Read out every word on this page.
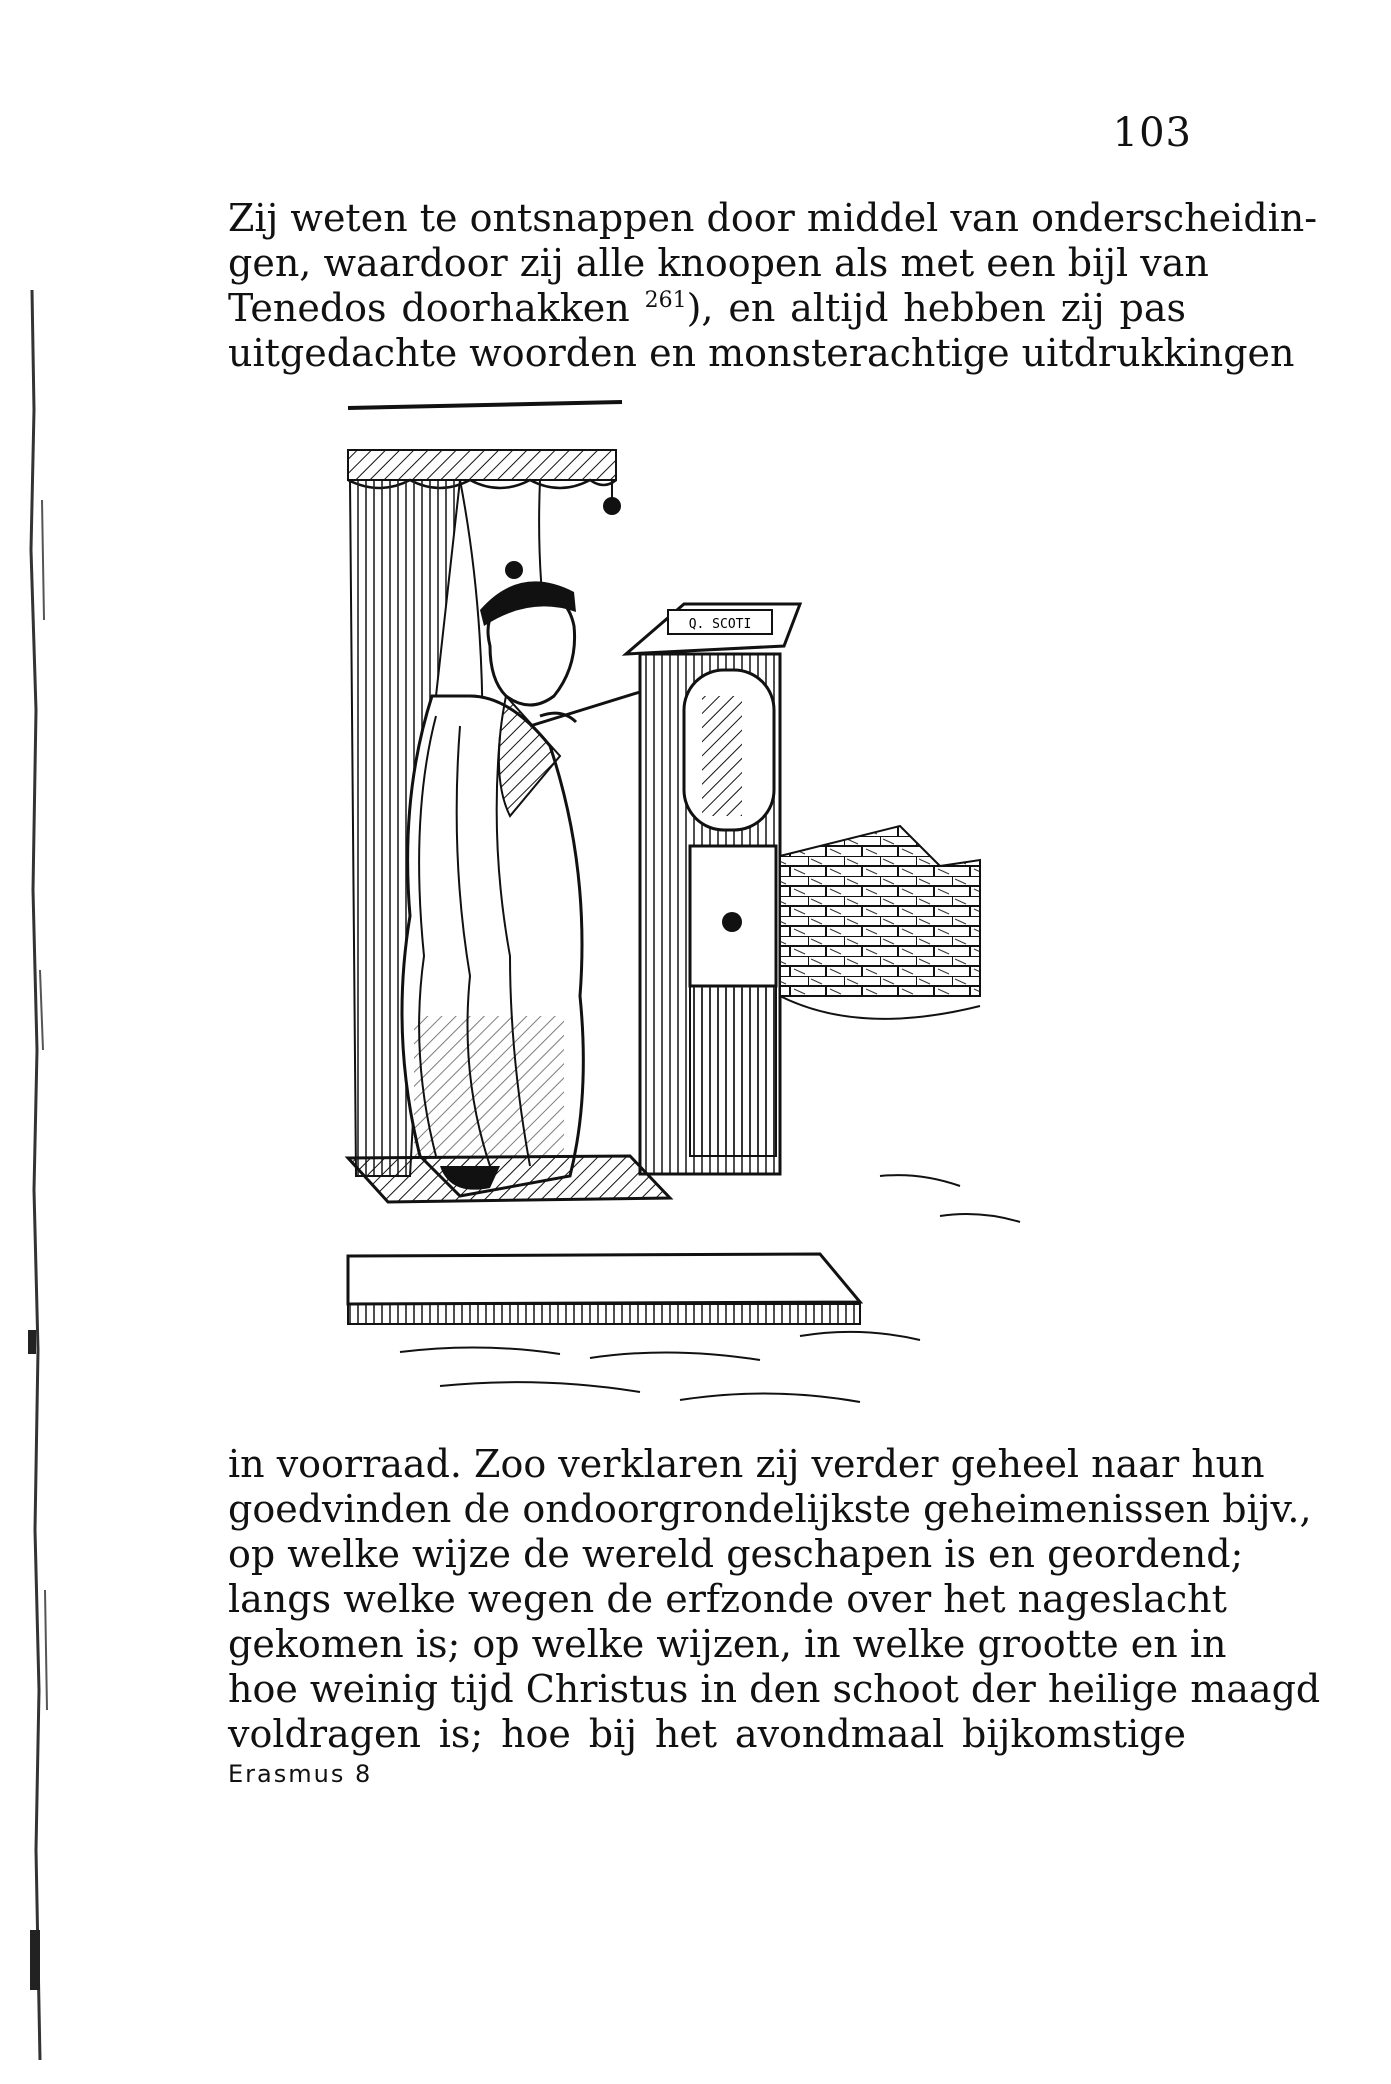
103
Zij weten te ontsnappen door middel van onderscheidin-
gen, waardoor zij alle knoopen als met een bijl van
Tenedos doorhakken $^{261}$), en altijd hebben zij pas
uitgedachte woorden en monsterachtige uitdrukkingen
Q. SCOTI
in voorraad. Zoo verklaren zij verder geheel naar hun
goedvinden de ondoorgrondelijkste geheimenissen bijv.,
op welke wijze de wereld geschapen is en geordend;
langs welke wegen de erfzonde over het nageslacht
gekomen is; op welke wijzen, in welke grootte en in
hoe weinig tijd Christus in den schoot der heilige maagd
voldragen is; hoe bij het avondmaal bijkomstige
Erasmus 8
